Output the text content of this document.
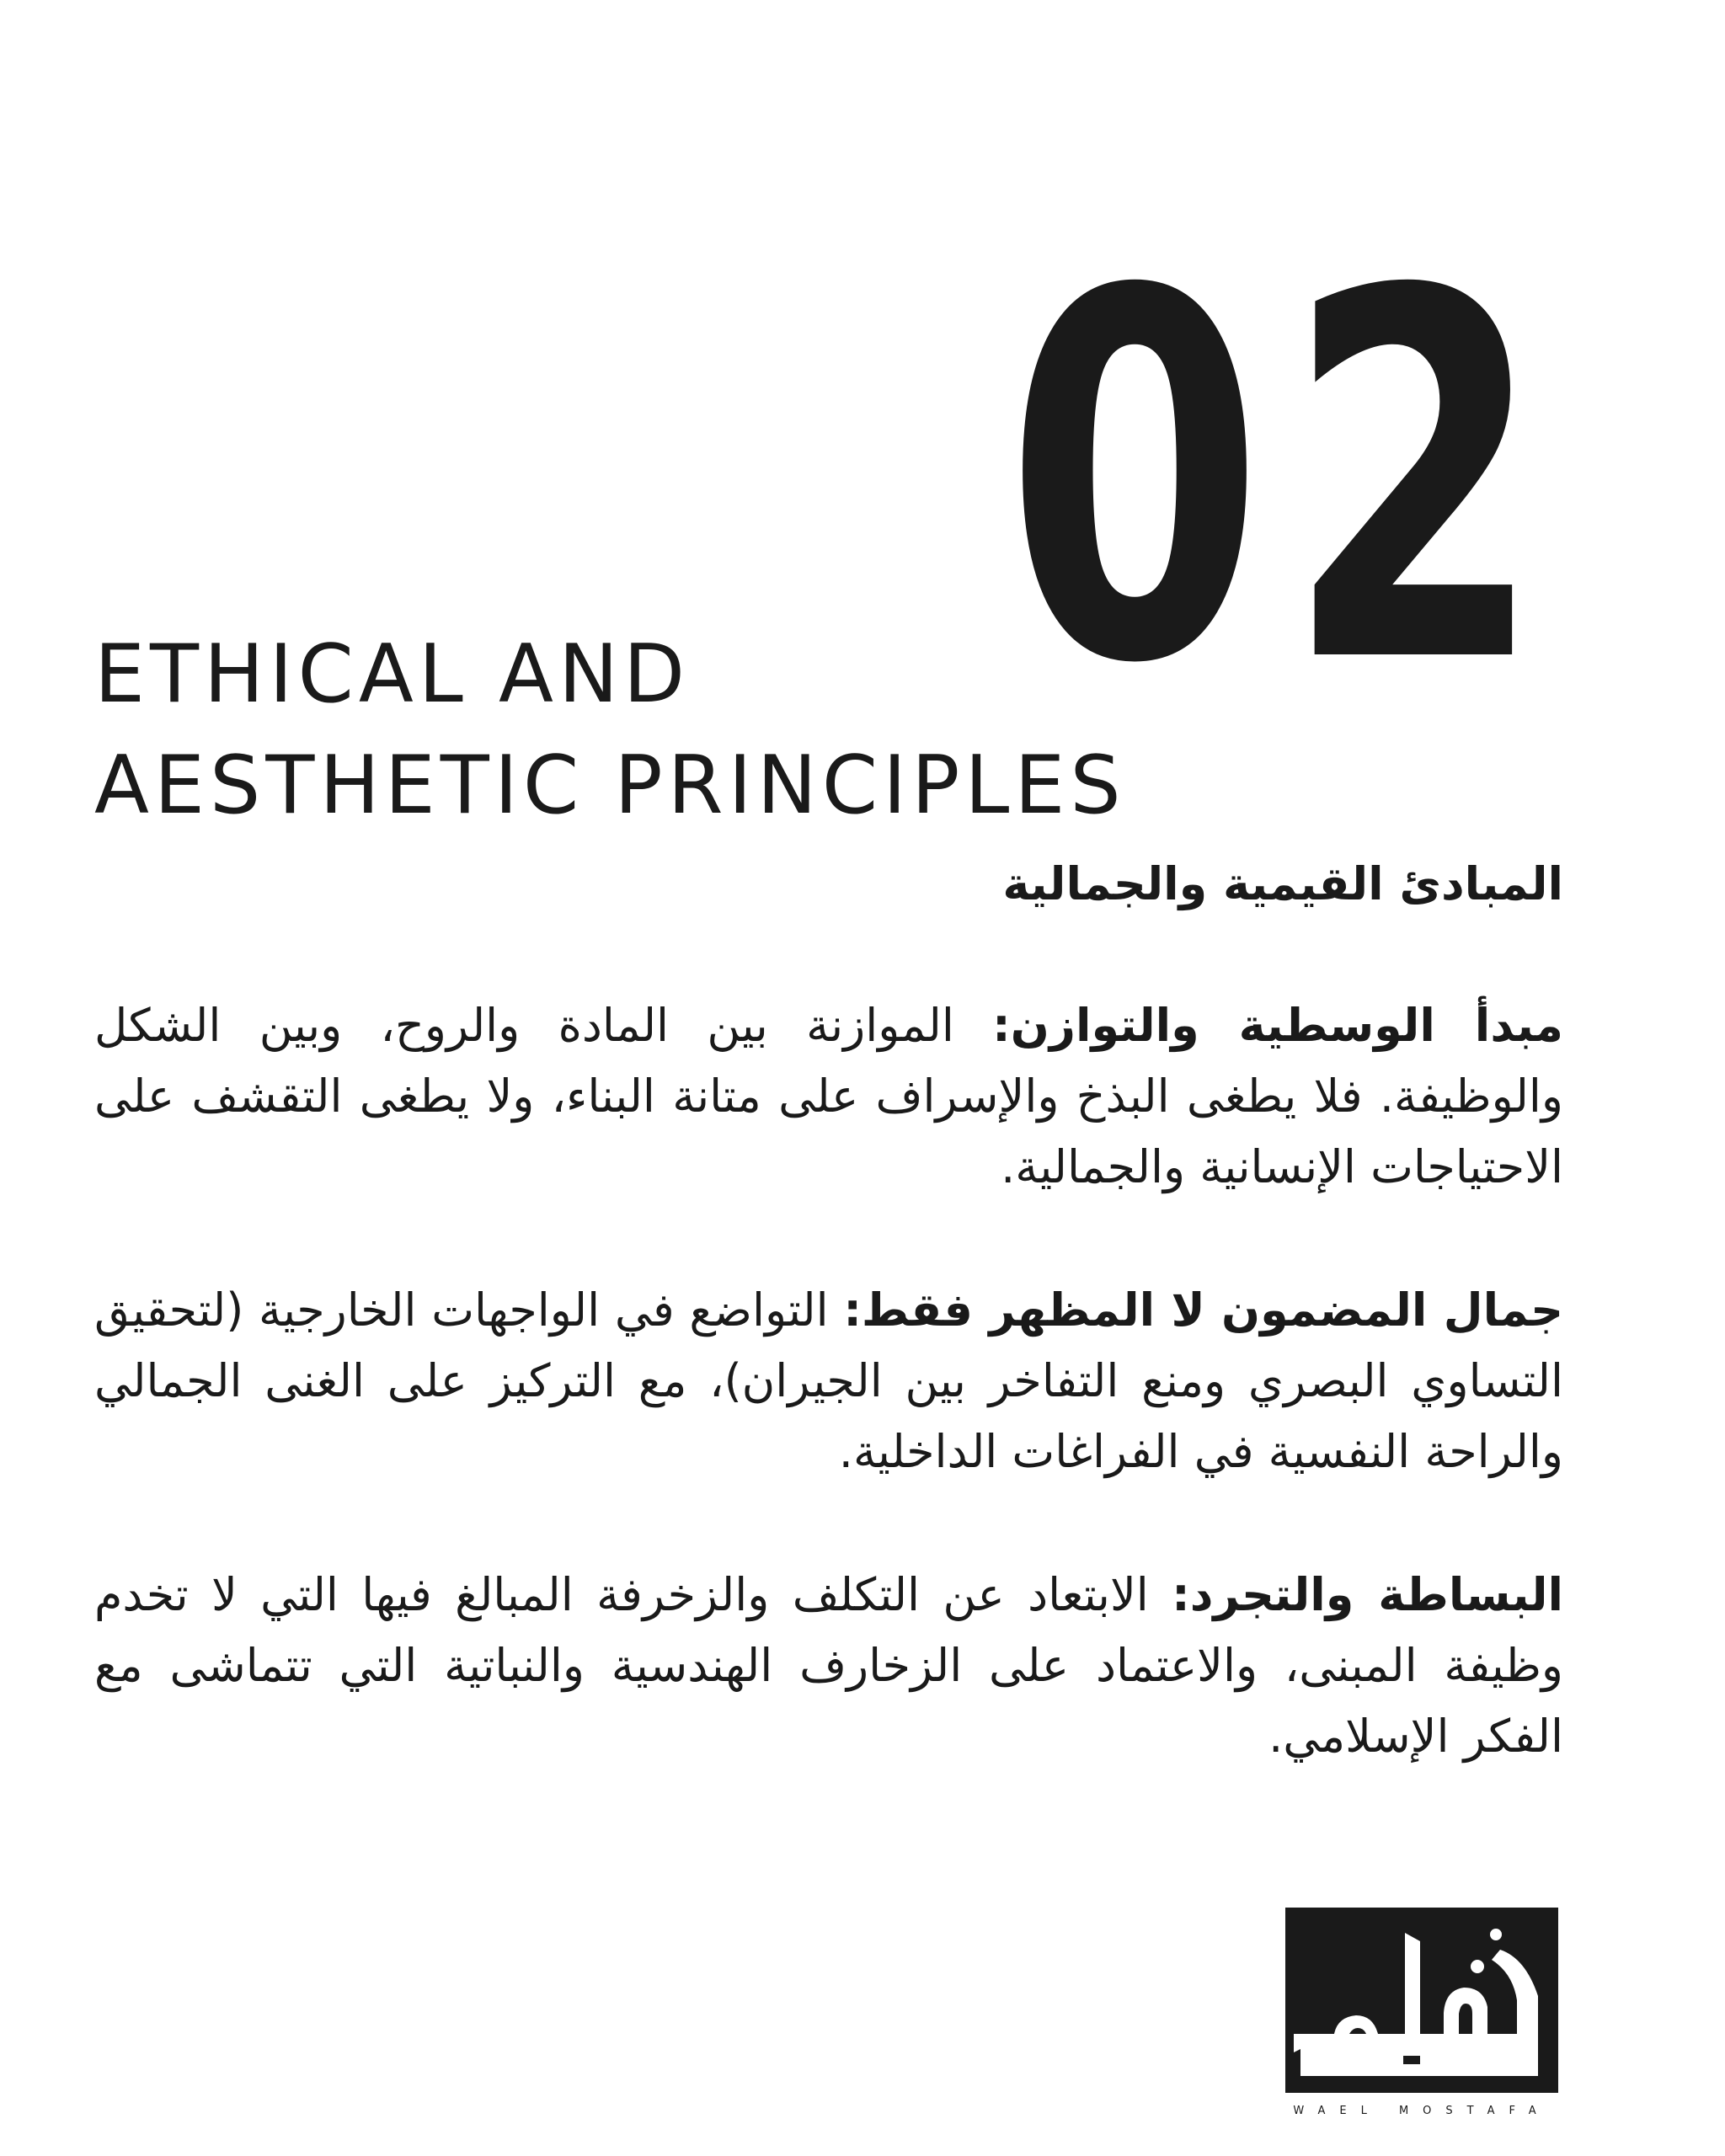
02
ETHICAL AND
AESTHETIC PRINCIPLES
المبادئ القيمية والجمالية

مبدأ الوسطية والتوازن: الموازنة بين المادة والروح، وبين الشكل والوظيفة. فلا يطغى البذخ والإسراف على متانة البناء، ولا يطغى التقشف على الاحتياجات الإنسانية والجمالية.

جمال المضمون لا المظهر فقط: التواضع في الواجهات الخارجية (لتحقيق التساوي البصري ومنع التفاخر بين الجيران)، مع التركيز على الغنى الجمالي والراحة النفسية في الفراغات الداخلية.

البساطة والتجرد: الابتعاد عن التكلف والزخرفة المبالغ فيها التي لا تخدم وظيفة المبنى، والاعتماد على الزخارف الهندسية والنباتية التي تتماشى مع الفكر الإسلامي.

WAEL MOSTAFA
